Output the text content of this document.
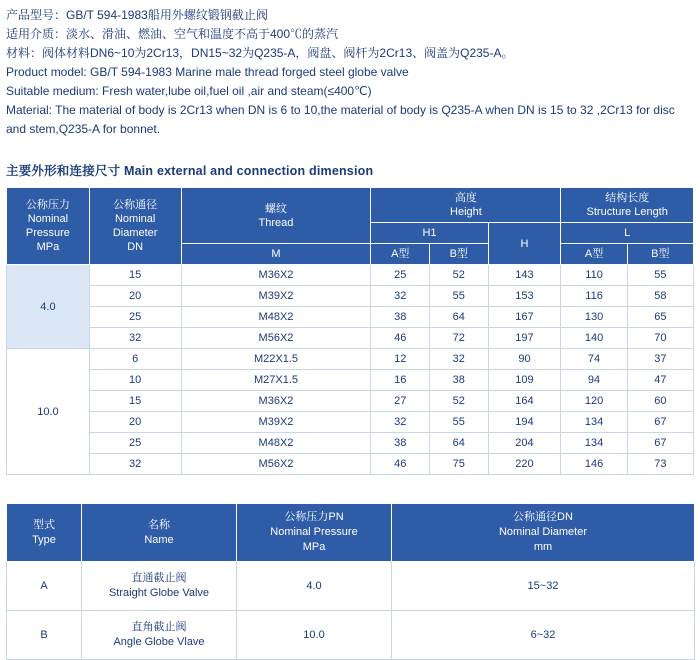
产品型号：GB/T 594-1983船用外螺纹锻钢截止阀
适用介质：淡水、滑油、燃油、空气和温度不高于400℃的蒸汽
材料：阀体材料DN6~10为2Cr13，DN15~32为Q235-A，阀盘、阀杆为2Cr13、阀盖为Q235-A。
Product model: GB/T 594-1983 Marine male thread forged steel globe valve
Suitable medium: Fresh water,lube oil,fuel oil ,air and steam(≤400℃)
Material: The material of body is 2Cr13 when DN is 6 to 10,the material of body is Q235-A when DN is 15 to 32 ,2Cr13 for disc and stem,Q235-A for bonnet.
主要外形和连接尺寸 Main external and connection dimension
公称压力
Nominal
Pressure
MPa	公称通径
Nominal
Diameter
DN	螺纹
Thread	高度
Height			结构长度
Structure Length	

			H1		H	L	
		M	A型	B型		A型	B型
4.0	15	M36X2	25	52	143	110	55
	20	M39X2	32	55	153	116	58
	25	M48X2	38	64	167	130	65
	32	M56X2	46	72	197	140	70
10.0	6	M22X1.5	12	32	90	74	37
	10	M27X1.5	16	38	109	94	47
	15	M36X2	27	52	164	120	60
	20	M39X2	32	55	194	134	67
	25	M48X2	38	64	204	134	67
	32	M56X2	46	75	220	146	73
型式
Type	名称
Name	公称压力PN
Nominal Pressure
MPa	公称通径DN
Nominal Diameter
mm

A	直通截止阀
Straight Globe Valve	4.0	15~32
B	直角截止阀
Angle Globe Vlave	10.0	6~32
